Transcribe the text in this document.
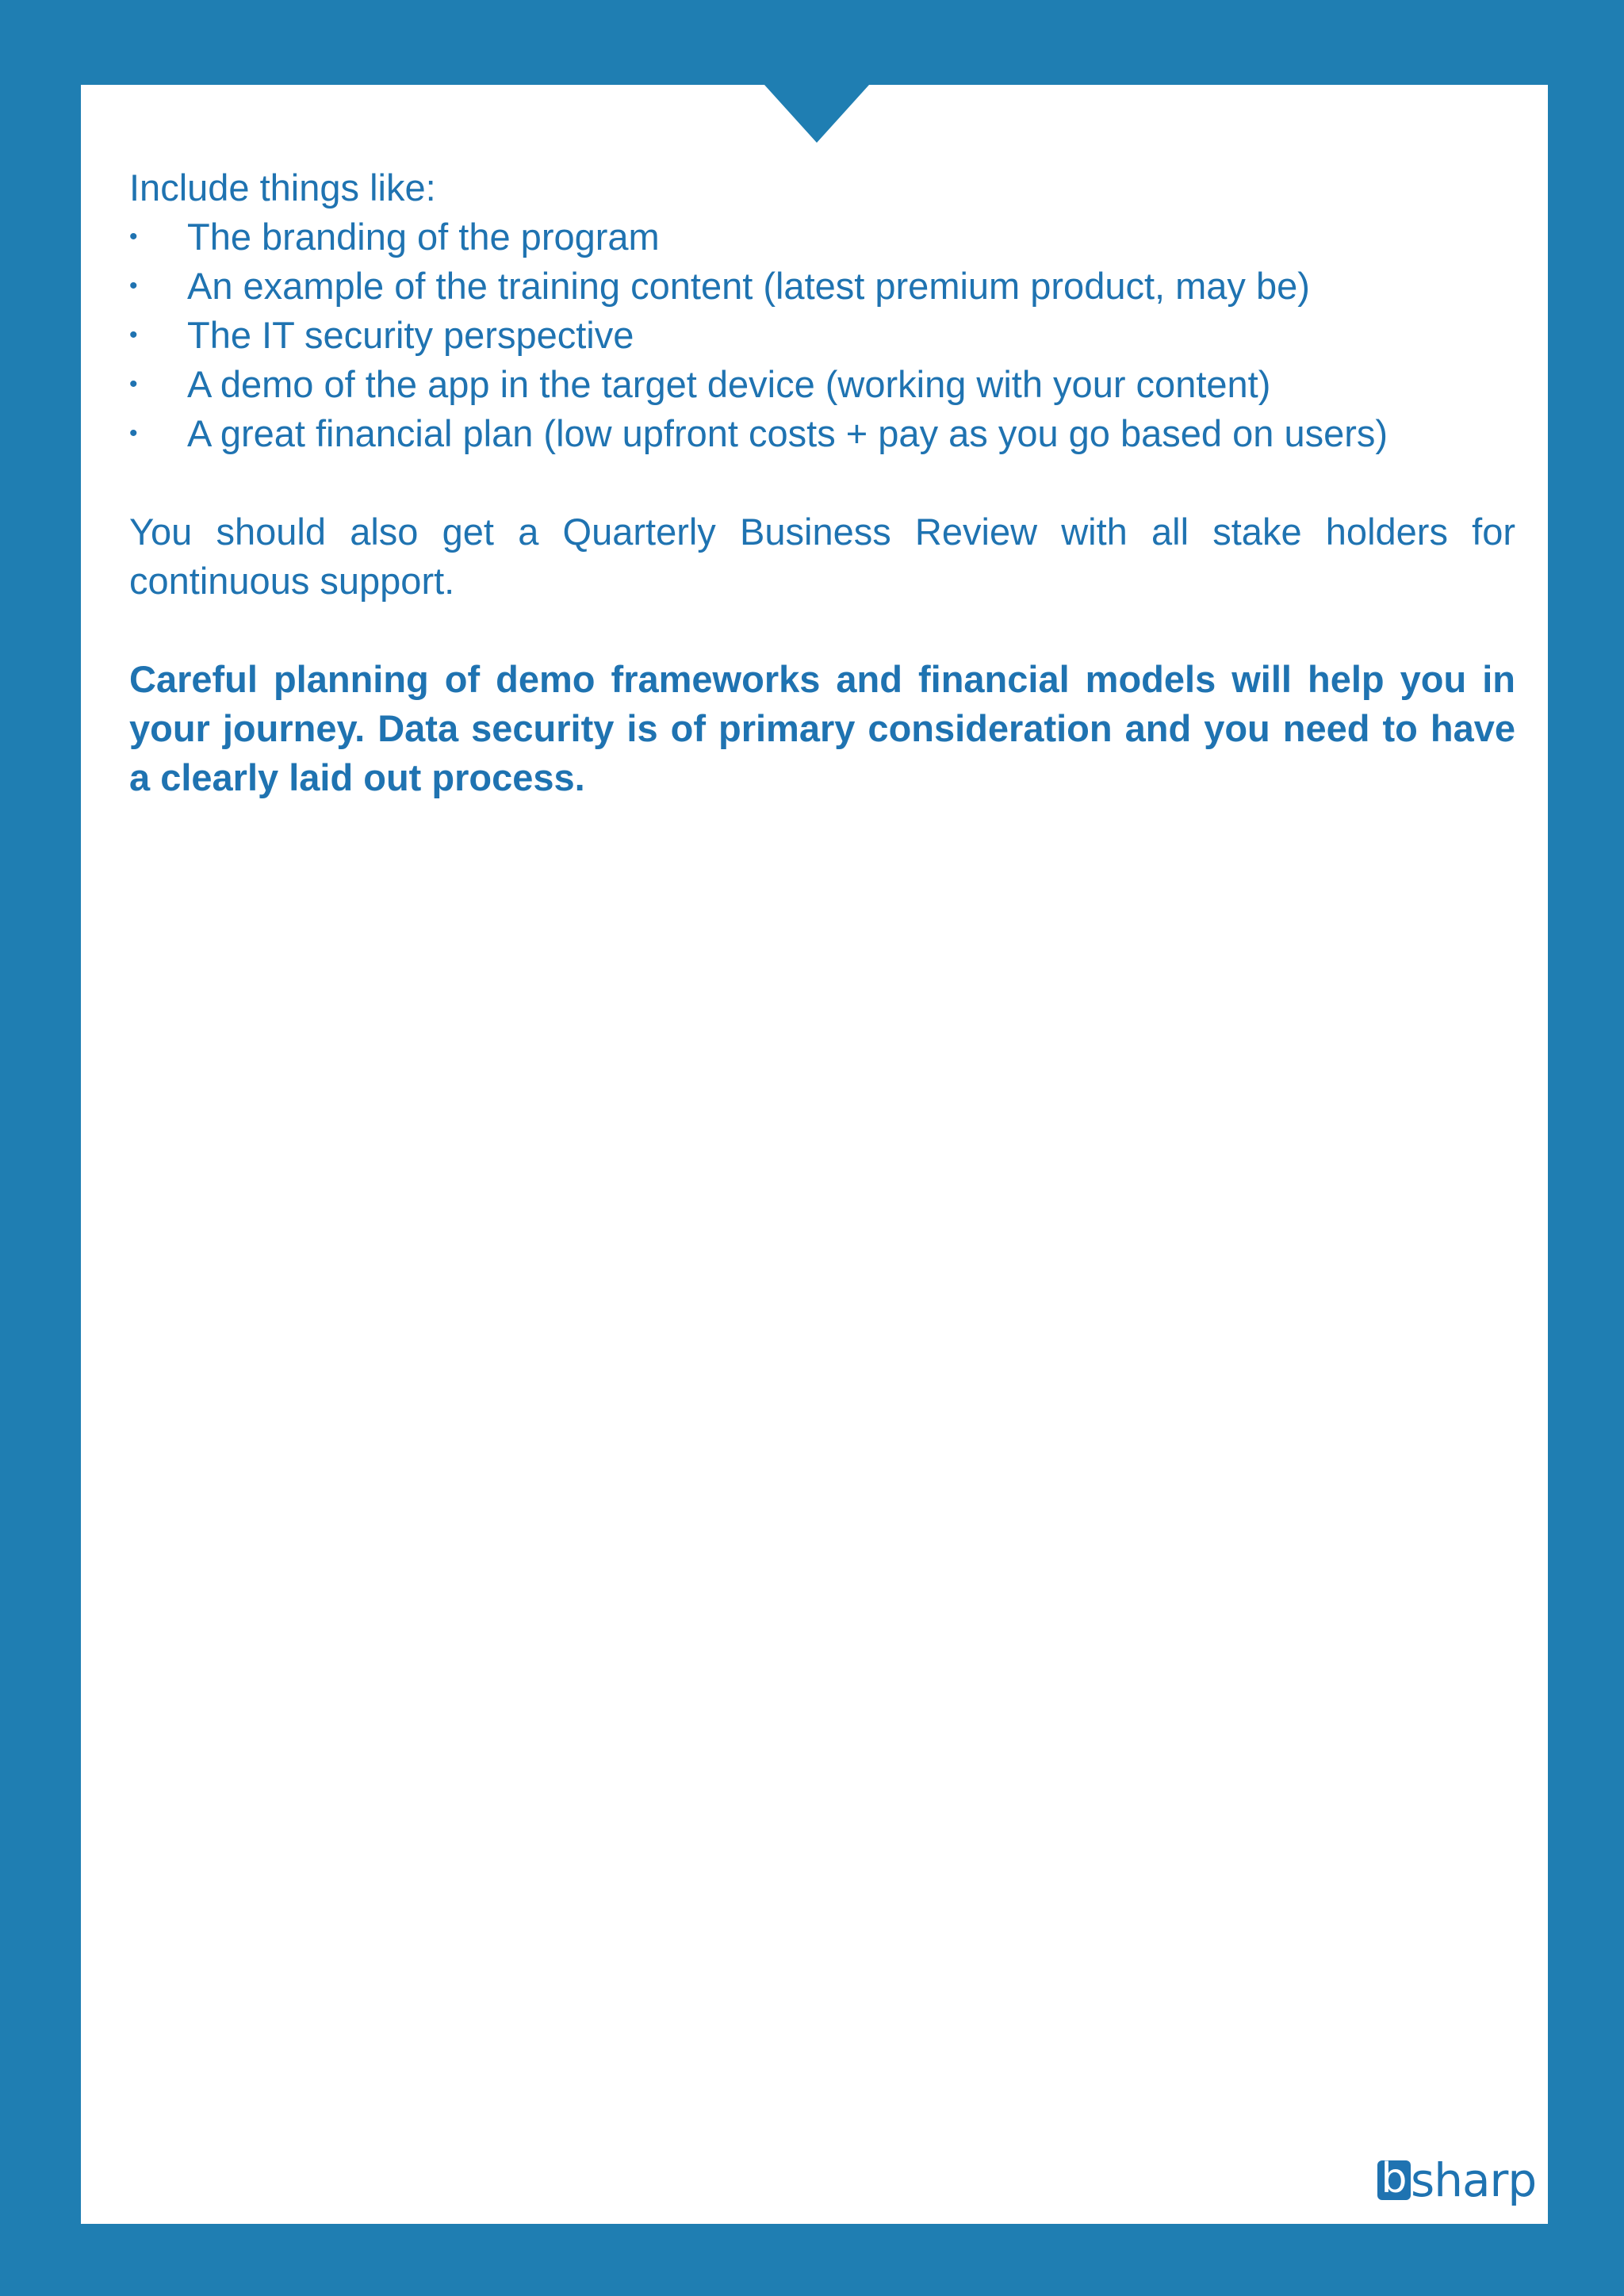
Include things like:

• The branding of the program
• An example of the training content (latest premium product, may be)
• The IT security perspective
• A demo of the app in the target device (working with your content)
• A great financial plan (low upfront costs + pay as you go based on users)

You should also get a Quarterly Business Review with all stake holders for continuous support.

Careful planning of demo frameworks and financial models will help you in your journey. Data security is of primary consideration and you need to have a clearly laid out process.

b sharp
